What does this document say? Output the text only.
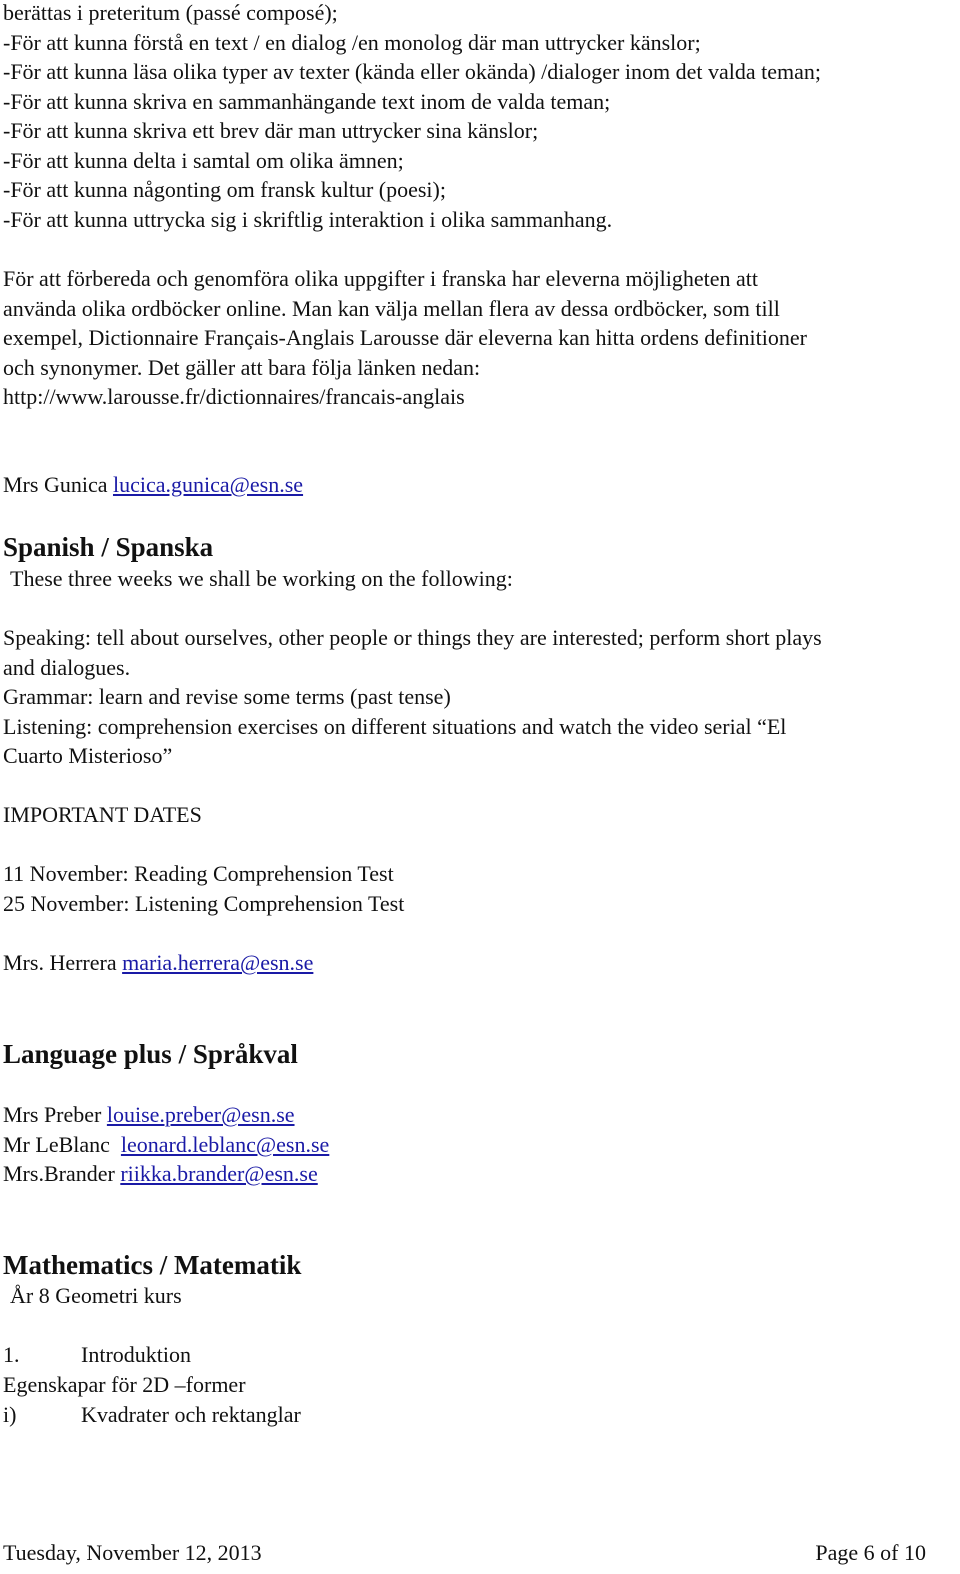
berättas i preteritum (passé composé);
-För att kunna förstå en text / en dialog /en monolog där man uttrycker känslor;
-För att kunna läsa olika typer av texter (kända eller okända) /dialoger inom det valda teman;
-För att kunna skriva en sammanhängande text inom de valda teman;
-För att kunna skriva ett brev där man uttrycker sina känslor;
-För att kunna delta i samtal om olika ämnen;
-För att kunna någonting om fransk kultur (poesi);
-För att kunna uttrycka sig i skriftlig interaktion i olika sammanhang.
För att förbereda och genomföra olika uppgifter i franska har eleverna möjligheten att
använda olika ordböcker online. Man kan välja mellan flera av dessa ordböcker, som till
exempel, Dictionnaire Français-Anglais Larousse där eleverna kan hitta ordens definitioner
och synonymer. Det gäller att bara följa länken nedan:
http://www.larousse.fr/dictionnaires/francais-anglais
Mrs Gunica lucica.gunica@esn.se
Spanish / Spanska
These three weeks we shall be working on the following:
Speaking: tell about ourselves, other people or things they are interested; perform short plays
and dialogues.
Grammar: learn and revise some terms (past tense)
Listening: comprehension exercises on different situations and watch the video serial “El
Cuarto Misterioso”
IMPORTANT DATES
11 November: Reading Comprehension Test
25 November: Listening Comprehension Test
Mrs. Herrera maria.herrera@esn.se
Language plus / Språkval
Mrs Preber louise.preber@esn.se
Mr LeBlanc leonard.leblanc@esn.se
Mrs.Brander riikka.brander@esn.se
Mathematics / Matematik
År 8 Geometri kurs
1.	Introduktion
Egenskapar för 2D –former
i)	Kvadrater och rektanglar
Tuesday, November 12, 2013	Page 6 of 10
